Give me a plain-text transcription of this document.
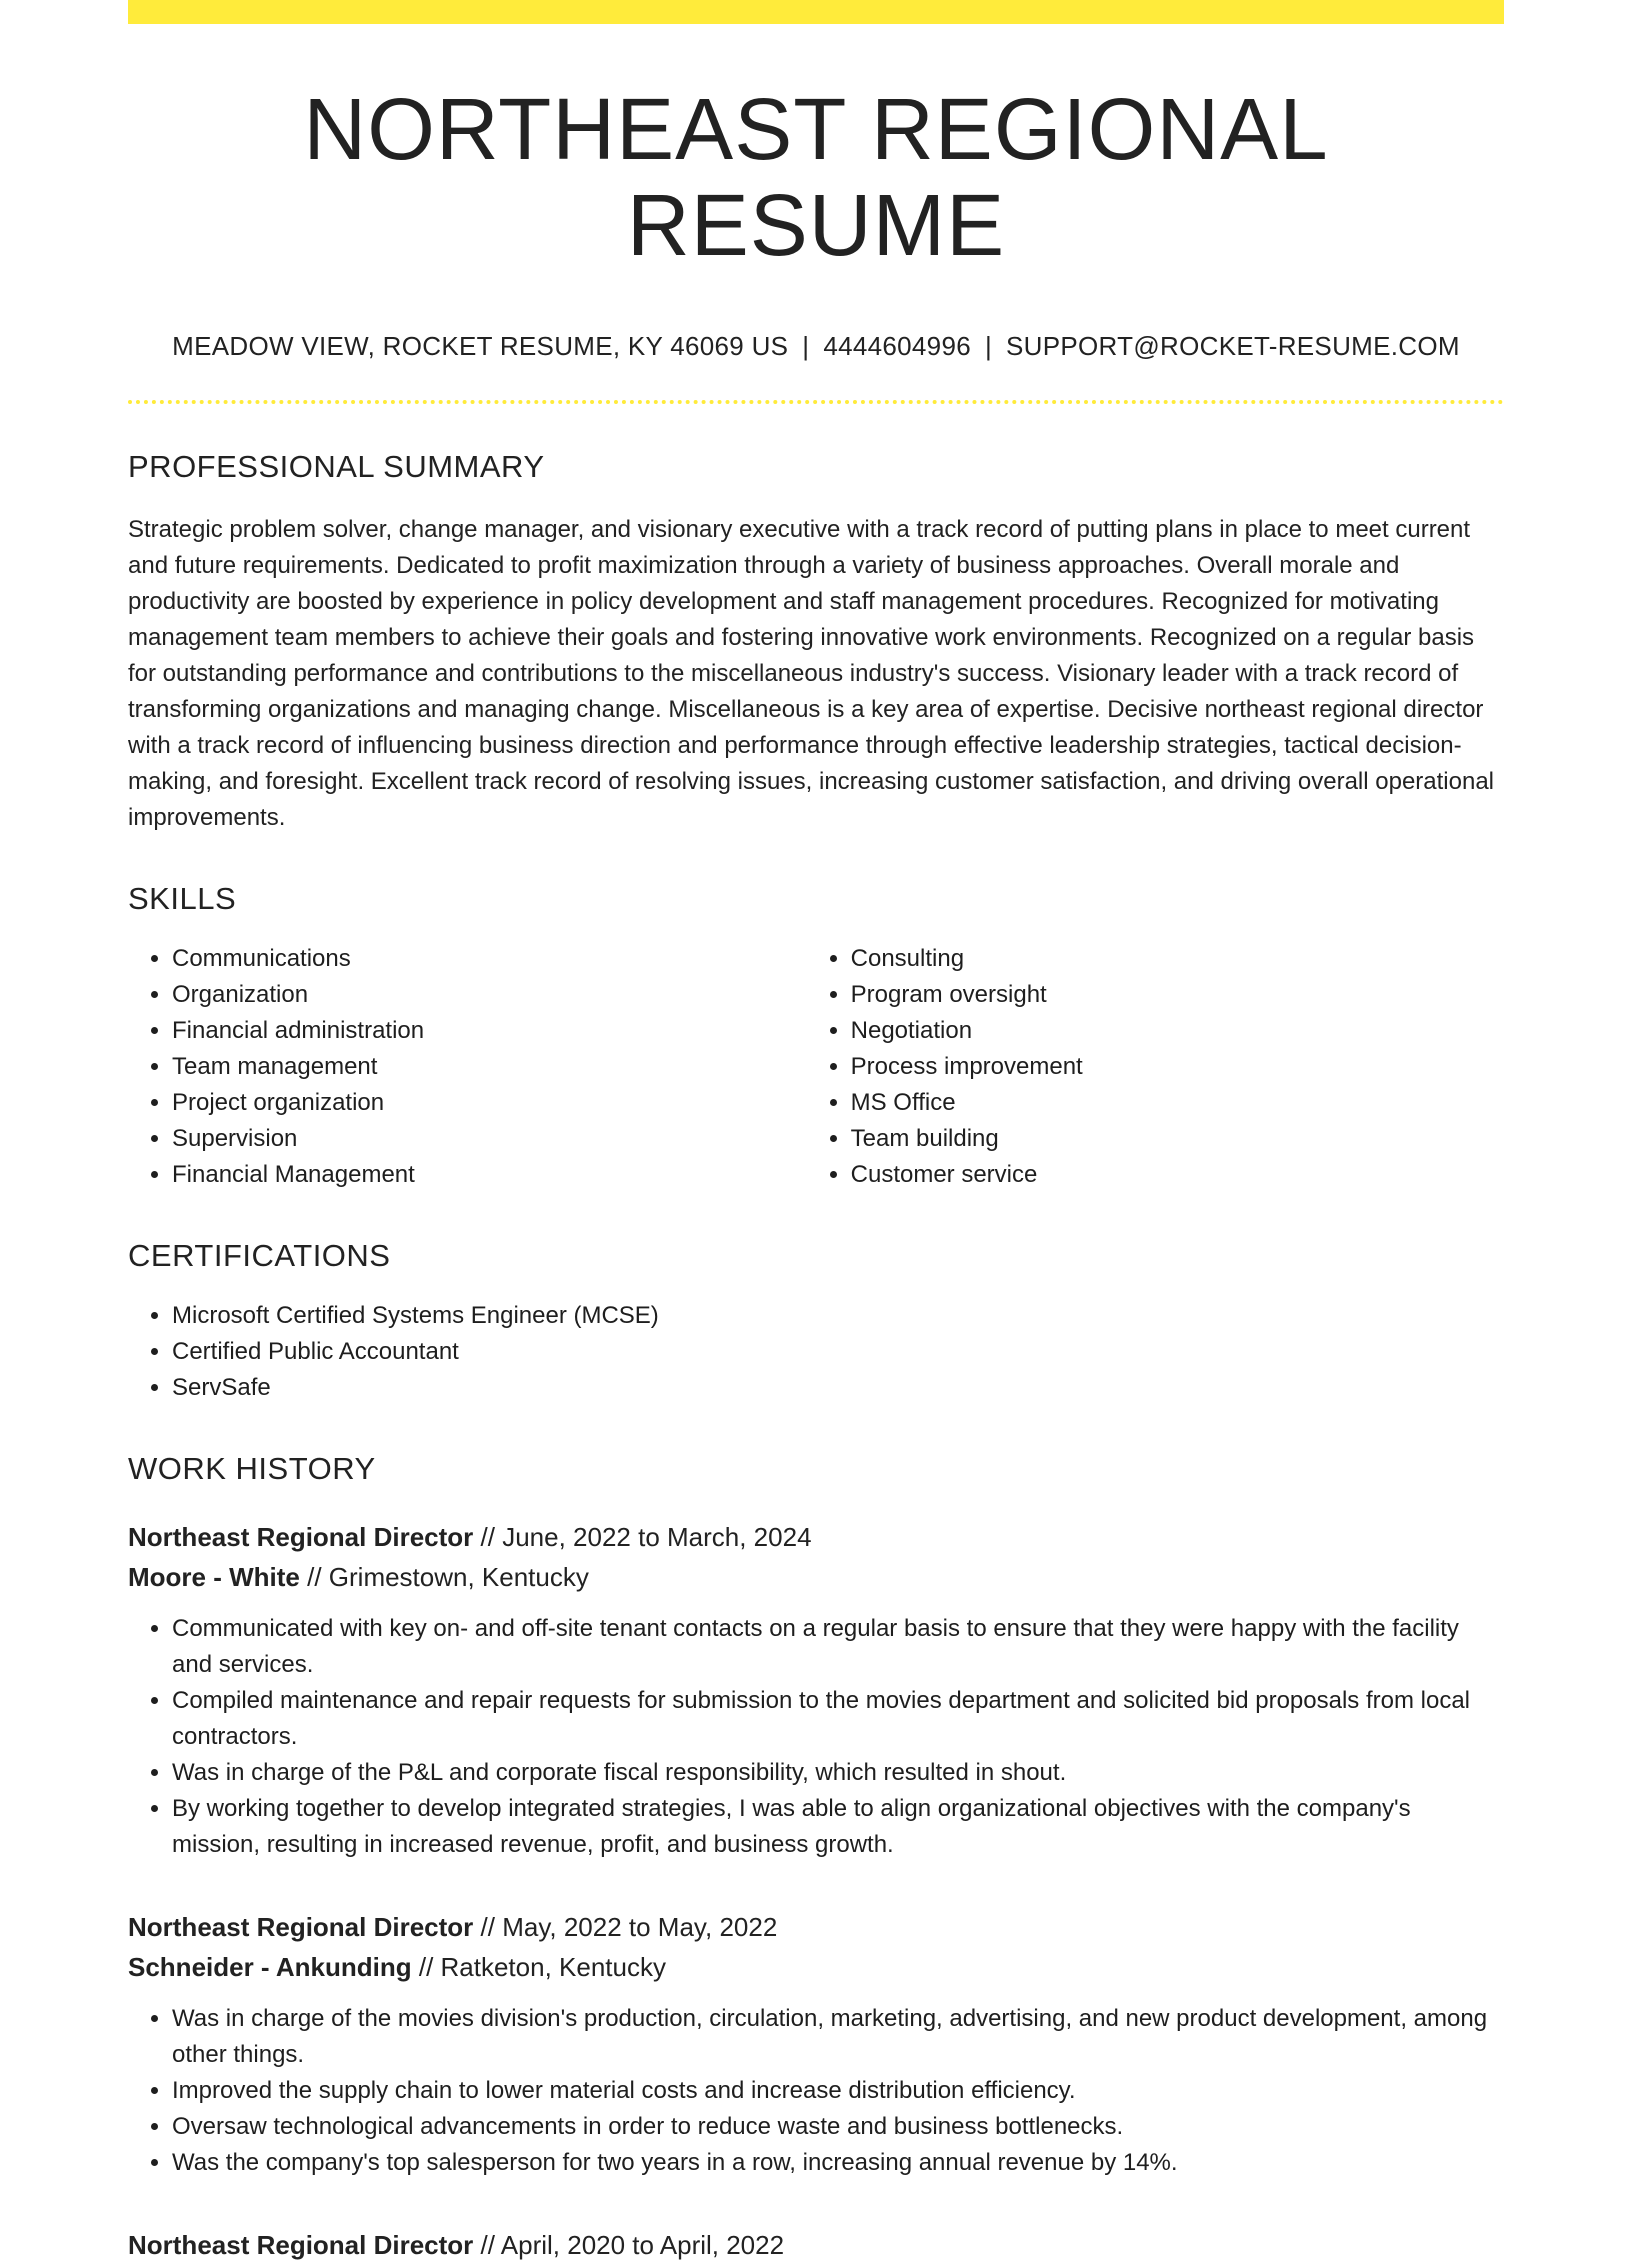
NORTHEAST REGIONAL RESUME
MEADOW VIEW, ROCKET RESUME, KY 46069 US | 4444604996 | SUPPORT@ROCKET-RESUME.COM
PROFESSIONAL SUMMARY

Strategic problem solver, change manager, and visionary executive with a track record of putting plans in place to meet current and future requirements. Dedicated to profit maximization through a variety of business approaches. Overall morale and productivity are boosted by experience in policy development and staff management procedures. Recognized for motivating management team members to achieve their goals and fostering innovative work environments. Recognized on a regular basis for outstanding performance and contributions to the miscellaneous industry's success. Visionary leader with a track record of transforming organizations and managing change. Miscellaneous is a key area of expertise. Decisive northeast regional director with a track record of influencing business direction and performance through effective leadership strategies, tactical decision-making, and foresight. Excellent track record of resolving issues, increasing customer satisfaction, and driving overall operational improvements.

SKILLS
• Communications
• Organization
• Financial administration
• Team management
• Project organization
• Supervision
• Financial Management
• Consulting
• Program oversight
• Negotiation
• Process improvement
• MS Office
• Team building
• Customer service
CERTIFICATIONS
• Microsoft Certified Systems Engineer (MCSE)
• Certified Public Accountant
• ServSafe
WORK HISTORY
Northeast Regional Director // June, 2022 to March, 2024
Moore - White // Grimestown, Kentucky
• Communicated with key on- and off-site tenant contacts on a regular basis to ensure that they were happy with the facility and services.
• Compiled maintenance and repair requests for submission to the movies department and solicited bid proposals from local contractors.
• Was in charge of the P&L and corporate fiscal responsibility, which resulted in shout.
• By working together to develop integrated strategies, I was able to align organizational objectives with the company's mission, resulting in increased revenue, profit, and business growth.
Northeast Regional Director // May, 2022 to May, 2022
Schneider - Ankunding // Ratketon, Kentucky
• Was in charge of the movies division's production, circulation, marketing, advertising, and new product development, among other things.
• Improved the supply chain to lower material costs and increase distribution efficiency.
• Oversaw technological advancements in order to reduce waste and business bottlenecks.
• Was the company's top salesperson for two years in a row, increasing annual revenue by 14%.
Northeast Regional Director // April, 2020 to April, 2022
